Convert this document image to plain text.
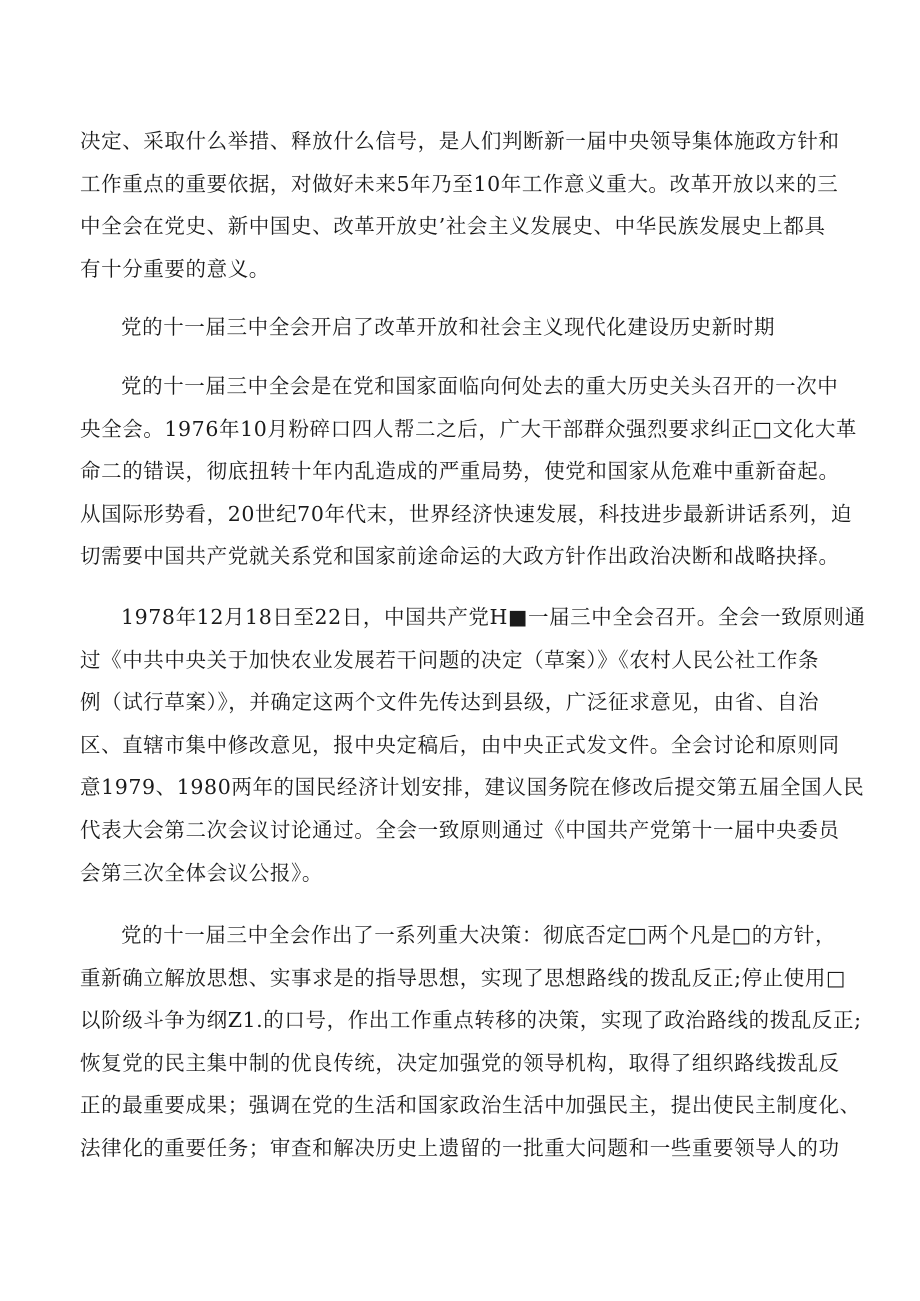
决定、采取什么举措、释放什么信号，是人们判断新一届中央领导集体施政方针和
工作重点的重要依据，对做好未来5年乃至10年工作意义重大。改革开放以来的三
中全会在党史、新中国史、改革开放史’社会主义发展史、中华民族发展史上都具
有十分重要的意义。
党的十一届三中全会开启了改革开放和社会主义现代化建设历史新时期
党的十一届三中全会是在党和国家面临向何处去的重大历史关头召开的一次中
央全会。1976年10月粉碎口四人帮二之后，广大干部群众强烈要求纠正□文化大革
命二的错误，彻底扭转十年内乱造成的严重局势，使党和国家从危难中重新奋起。
从国际形势看，20世纪70年代末，世界经济快速发展，科技进步最新讲话系列，迫
切需要中国共产党就关系党和国家前途命运的大政方针作出政治决断和战略抉择。
1978年12月18日至22日，中国共产党H■一届三中全会召开。全会一致原则通
过《中共中央关于加快农业发展若干问题的决定（草案）》《农村人民公社工作条
例（试行草案）》，并确定这两个文件先传达到县级，广泛征求意见，由省、自治
区、直辖市集中修改意见，报中央定稿后，由中央正式发文件。全会讨论和原则同
意1979、1980两年的国民经济计划安排，建议国务院在修改后提交第五届全国人民
代表大会第二次会议讨论通过。全会一致原则通过《中国共产党第十一届中央委员
会第三次全体会议公报》。
党的十一届三中全会作出了一系列重大决策：彻底否定□两个凡是□的方针，
重新确立解放思想、实事求是的指导思想，实现了思想路线的拨乱反正;停止使用□
以阶级斗争为纲Z1.的口号，作出工作重点转移的决策，实现了政治路线的拨乱反正;
恢复党的民主集中制的优良传统，决定加强党的领导机构，取得了组织路线拨乱反
正的最重要成果；强调在党的生活和国家政治生活中加强民主，提出使民主制度化、
法律化的重要任务；审查和解决历史上遗留的一批重大问题和一些重要领导人的功
